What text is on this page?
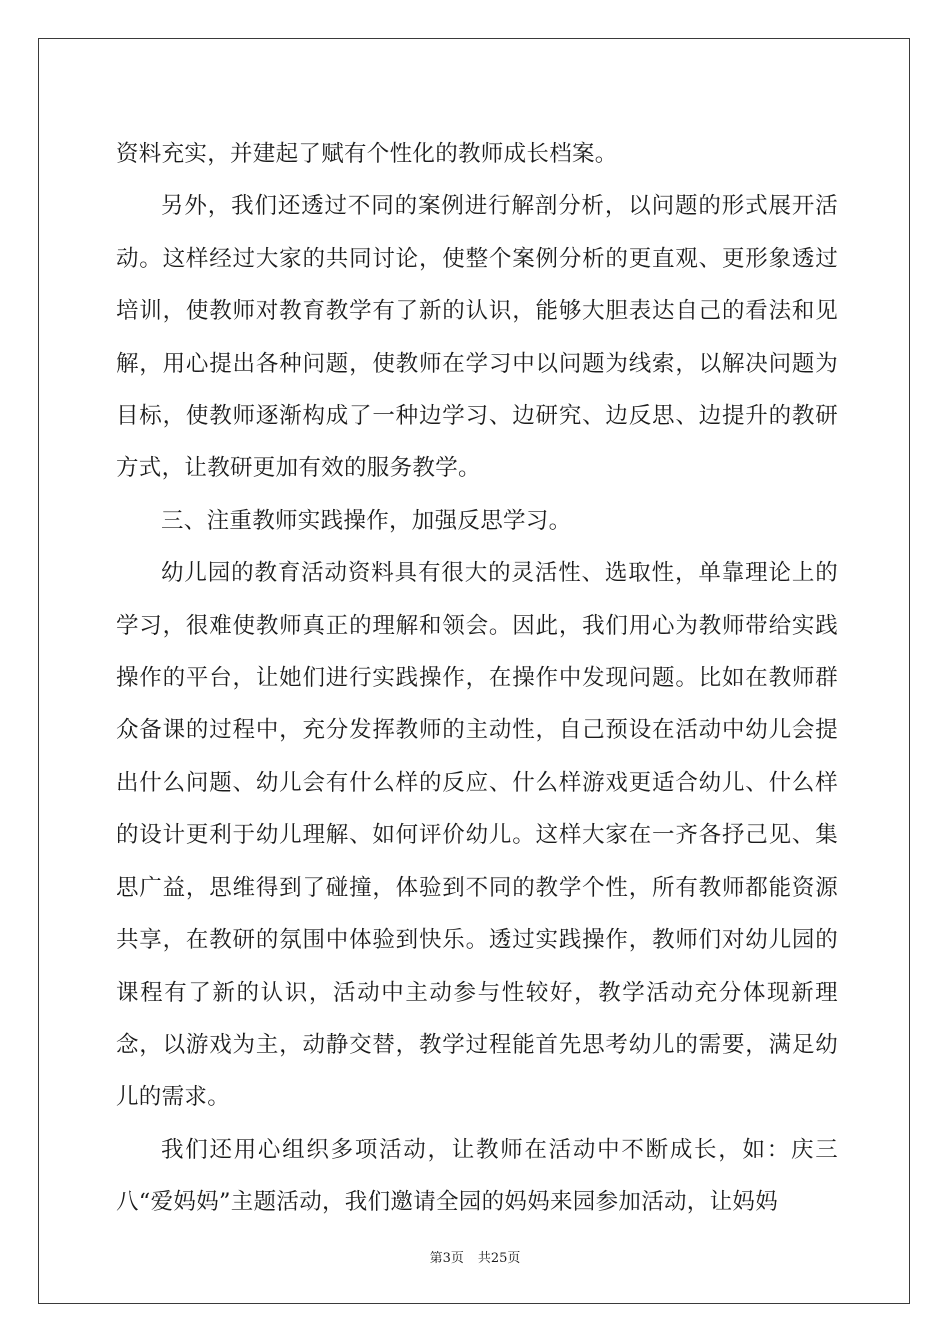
资料充实，并建起了赋有个性化的教师成长档案。

另外，我们还透过不同的案例进行解剖分析，以问题的形式展开活动。这样经过大家的共同讨论，使整个案例分析的更直观、更形象透过培训，使教师对教育教学有了新的认识，能够大胆表达自己的看法和见解，用心提出各种问题，使教师在学习中以问题为线索，以解决问题为目标，使教师逐渐构成了一种边学习、边研究、边反思、边提升的教研方式，让教研更加有效的服务教学。

三、注重教师实践操作，加强反思学习。

幼儿园的教育活动资料具有很大的灵活性、选取性，单靠理论上的学习，很难使教师真正的理解和领会。因此，我们用心为教师带给实践操作的平台，让她们进行实践操作，在操作中发现问题。比如在教师群众备课的过程中，充分发挥教师的主动性，自己预设在活动中幼儿会提出什么问题、幼儿会有什么样的反应、什么样游戏更适合幼儿、什么样的设计更利于幼儿理解、如何评价幼儿。这样大家在一齐各抒己见、集思广益，思维得到了碰撞，体验到不同的教学个性，所有教师都能资源共享，在教研的氛围中体验到快乐。透过实践操作，教师们对幼儿园的课程有了新的认识，活动中主动参与性较好，教学活动充分体现新理念，以游戏为主，动静交替，教学过程能首先思考幼儿的需要，满足幼儿的需求。

我们还用心组织多项活动，让教师在活动中不断成长，如：庆三八“爱妈妈”主题活动，我们邀请全园的妈妈来园参加活动，让妈妈

第3页 共25页
